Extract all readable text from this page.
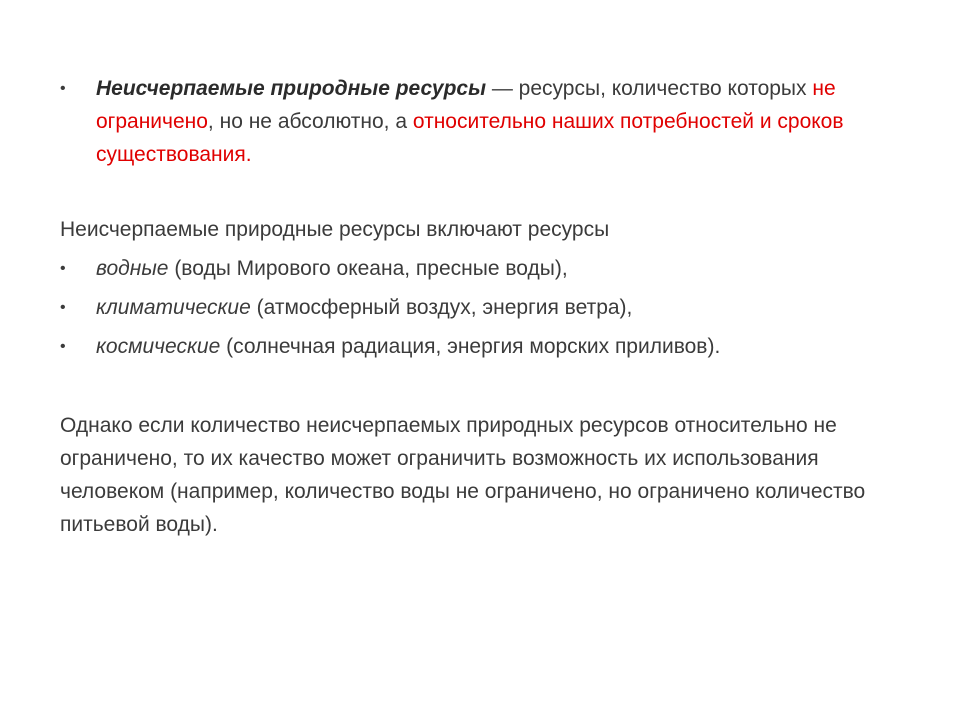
•	Неисчерпаемые природные ресурсы — ресурсы, количество которых не ограничено, но не абсолютно, а относительно наших потребностей и сроков существования.
Неисчерпаемые природные ресурсы включают ресурсы
•	водные (воды Мирового океана, пресные воды),
•	климатические (атмосферный воздух, энергия ветра),
•	космические (солнечная радиация, энергия морских приливов).
Однако если количество неисчерпаемых природных ресурсов относительно не ограничено, то их качество может ограничить возможность их использования человеком (например, количество воды не ограничено, но ограничено количество питьевой воды).
